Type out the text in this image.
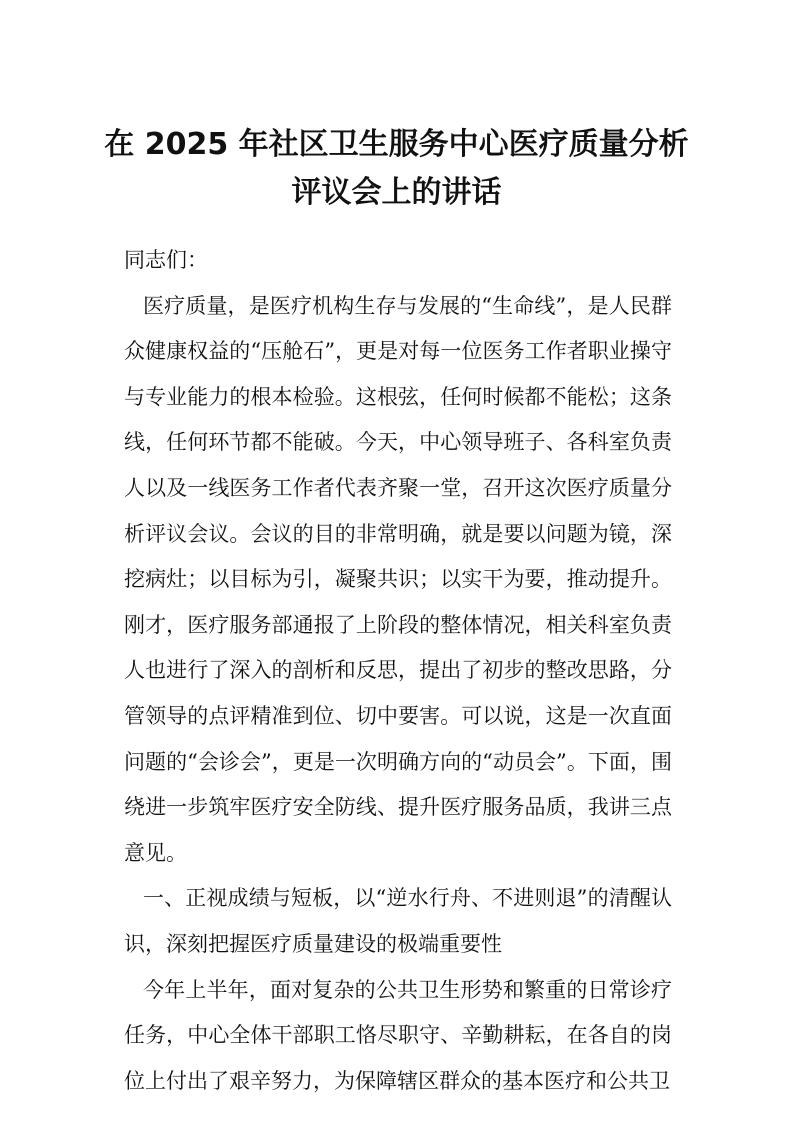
在 2025 年社区卫生服务中心医疗质量分析
评议会上的讲话

同志们：

医疗质量，是医疗机构生存与发展的“生命线”，是人民群众健康权益的“压舱石”，更是对每一位医务工作者职业操守与专业能力的根本检验。这根弦，任何时候都不能松；这条线，任何环节都不能破。今天，中心领导班子、各科室负责人以及一线医务工作者代表齐聚一堂，召开这次医疗质量分析评议会议。会议的目的非常明确，就是要以问题为镜，深挖病灶；以目标为引，凝聚共识；以实干为要，推动提升。刚才，医疗服务部通报了上阶段的整体情况，相关科室负责人也进行了深入的剖析和反思，提出了初步的整改思路，分管领导的点评精准到位、切中要害。可以说，这是一次直面问题的“会诊会”，更是一次明确方向的“动员会”。下面，围绕进一步筑牢医疗安全防线、提升医疗服务品质，我讲三点意见。

一、正视成绩与短板，以“逆水行舟、不进则退”的清醒认识，深刻把握医疗质量建设的极端重要性

今年上半年，面对复杂的公共卫生形势和繁重的日常诊疗任务，中心全体干部职工恪尽职守、辛勤耕耘，在各自的岗位上付出了艰辛努力，为保障辖区群众的基本医疗和公共卫
